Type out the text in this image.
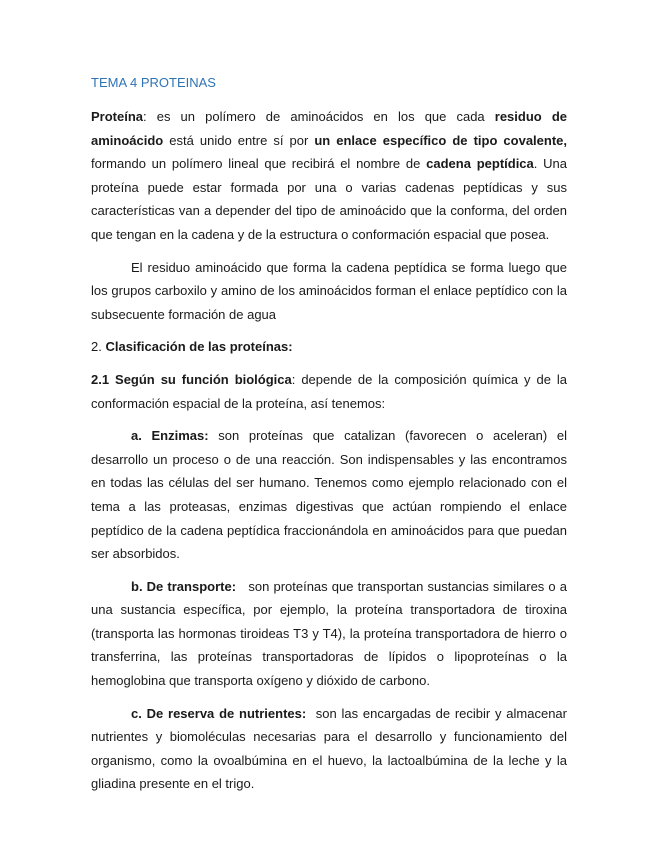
TEMA 4 PROTEINAS

Proteína: es un polímero de aminoácidos en los que cada residuo de aminoácido está unido entre sí por un enlace específico de tipo covalente, formando un polímero lineal que recibirá el nombre de cadena peptídica. Una proteína puede estar formada por una o varias cadenas peptídicas y sus características van a depender del tipo de aminoácido que la conforma, del orden que tengan en la cadena y de la estructura o conformación espacial que posea.

El residuo aminoácido que forma la cadena peptídica se forma luego que los grupos carboxilo y amino de los aminoácidos forman el enlace peptídico con la subsecuente formación de agua

2. Clasificación de las proteínas:

2.1 Según su función biológica: depende de la composición química y de la conformación espacial de la proteína, así tenemos:

a. Enzimas: son proteínas que catalizan (favorecen o aceleran) el desarrollo un proceso o de una reacción. Son indispensables y las encontramos en todas las células del ser humano. Tenemos como ejemplo relacionado con el tema a las proteasas, enzimas digestivas que actúan rompiendo el enlace peptídico de la cadena peptídica fraccionándola en aminoácidos para que puedan ser absorbidos.

b. De transporte:   son proteínas que transportan sustancias similares o a una sustancia específica, por ejemplo, la proteína transportadora de tiroxina (transporta las hormonas tiroideas T3 y T4), la proteína transportadora de hierro o transferrina, las proteínas transportadoras de lípidos o lipoproteínas o la hemoglobina que transporta oxígeno y dióxido de carbono.

c. De reserva de nutrientes:  son las encargadas de recibir y almacenar nutrientes y biomoléculas necesarias para el desarrollo y funcionamiento del organismo, como la ovoalbúmina en el huevo, la lactoalbúmina de la leche y la gliadina presente en el trigo.
